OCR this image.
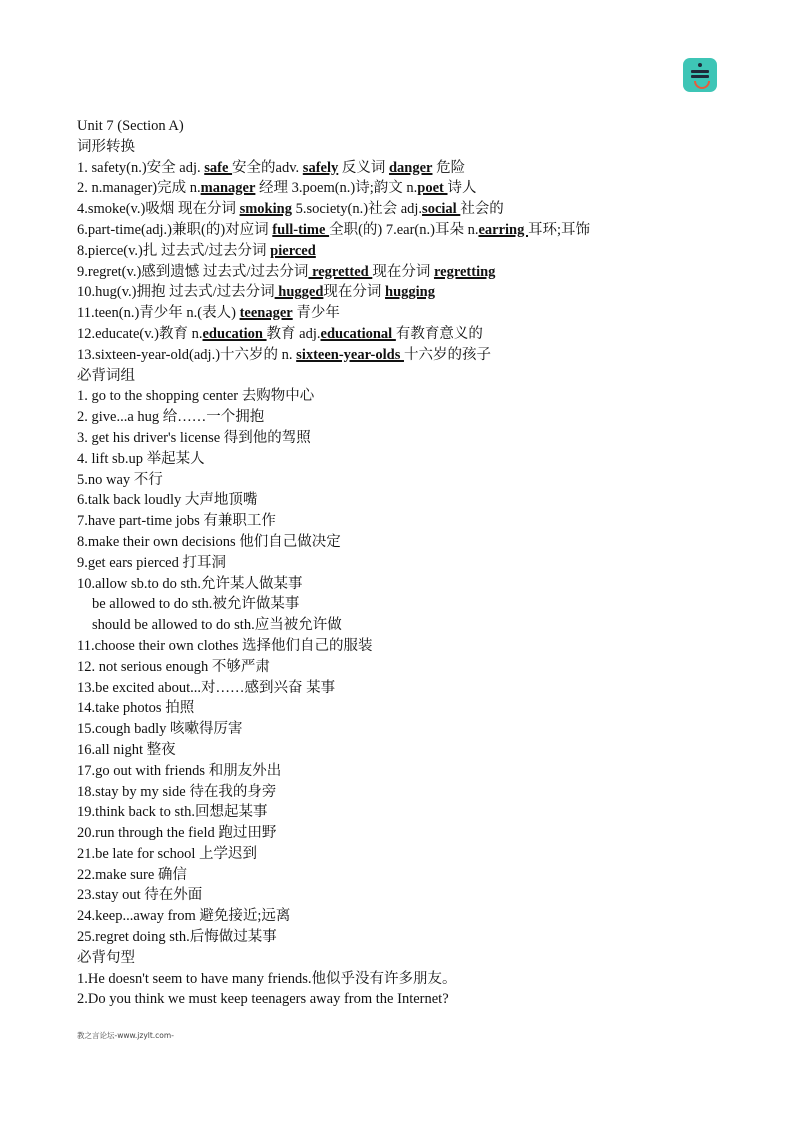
Unit 7 (Section A)
词形转换
1. safety(n.)安全 adj. safe 安全的adv. safely 反义词 danger 危险
2. n.manager)完成 n.manager 经理 3.poem(n.)诗;韵文 n.poet 诗人
4.smoke(v.)吸烟 现在分词 smoking 5.society(n.)社会 adj.social 社会的
6.part-time(adj.)兼职(的)对应词 full-time 全职(的) 7.ear(n.)耳朵 n.earring 耳环;耳饰
8.pierce(v.)扎 过去式/过去分词 pierced
9.regret(v.)感到遗憾 过去式/过去分词 regretted 现在分词 regretting
10.hug(v.)拥抱 过去式/过去分词 hugged现在分词 hugging
11.teen(n.)青少年 n.(表人) teenager 青少年
12.educate(v.)教育 n.education 教育 adj.educational 有教育意义的
13.sixteen-year-old(adj.)十六岁的 n. sixteen-year-olds 十六岁的孩子
必背词组
1. go to the shopping center 去购物中心
2. give...a hug 给……一个拥抱
3. get his driver's license 得到他的驾照
4. lift sb.up 举起某人
5.no way 不行
6.talk back loudly 大声地顶嘴
7.have part-time jobs 有兼职工作
8.make their own decisions 他们自己做决定
9.get ears pierced 打耳洞
10.allow sb.to do sth.允许某人做某事
be allowed to do sth.被允许做某事
should be allowed to do sth.应当被允许做
11.choose their own clothes 选择他们自己的服装
12. not serious enough 不够严肃
13.be excited about...对……感到兴奋 某事
14.take photos 拍照
15.cough badly 咳嗽得厉害
16.all night 整夜
17.go out with friends 和朋友外出
18.stay by my side 待在我的身旁
19.think back to sth.回想起某事
20.run through the field 跑过田野
21.be late for school 上学迟到
22.make sure 确信
23.stay out 待在外面
24.keep...away from 避免接近;远离
25.regret doing sth.后悔做过某事
必背句型
1.He doesn't seem to have many friends.他似乎没有许多朋友。
2.Do you think we must keep teenagers away from the Internet?
教之言论坛-www.jzylt.com-
